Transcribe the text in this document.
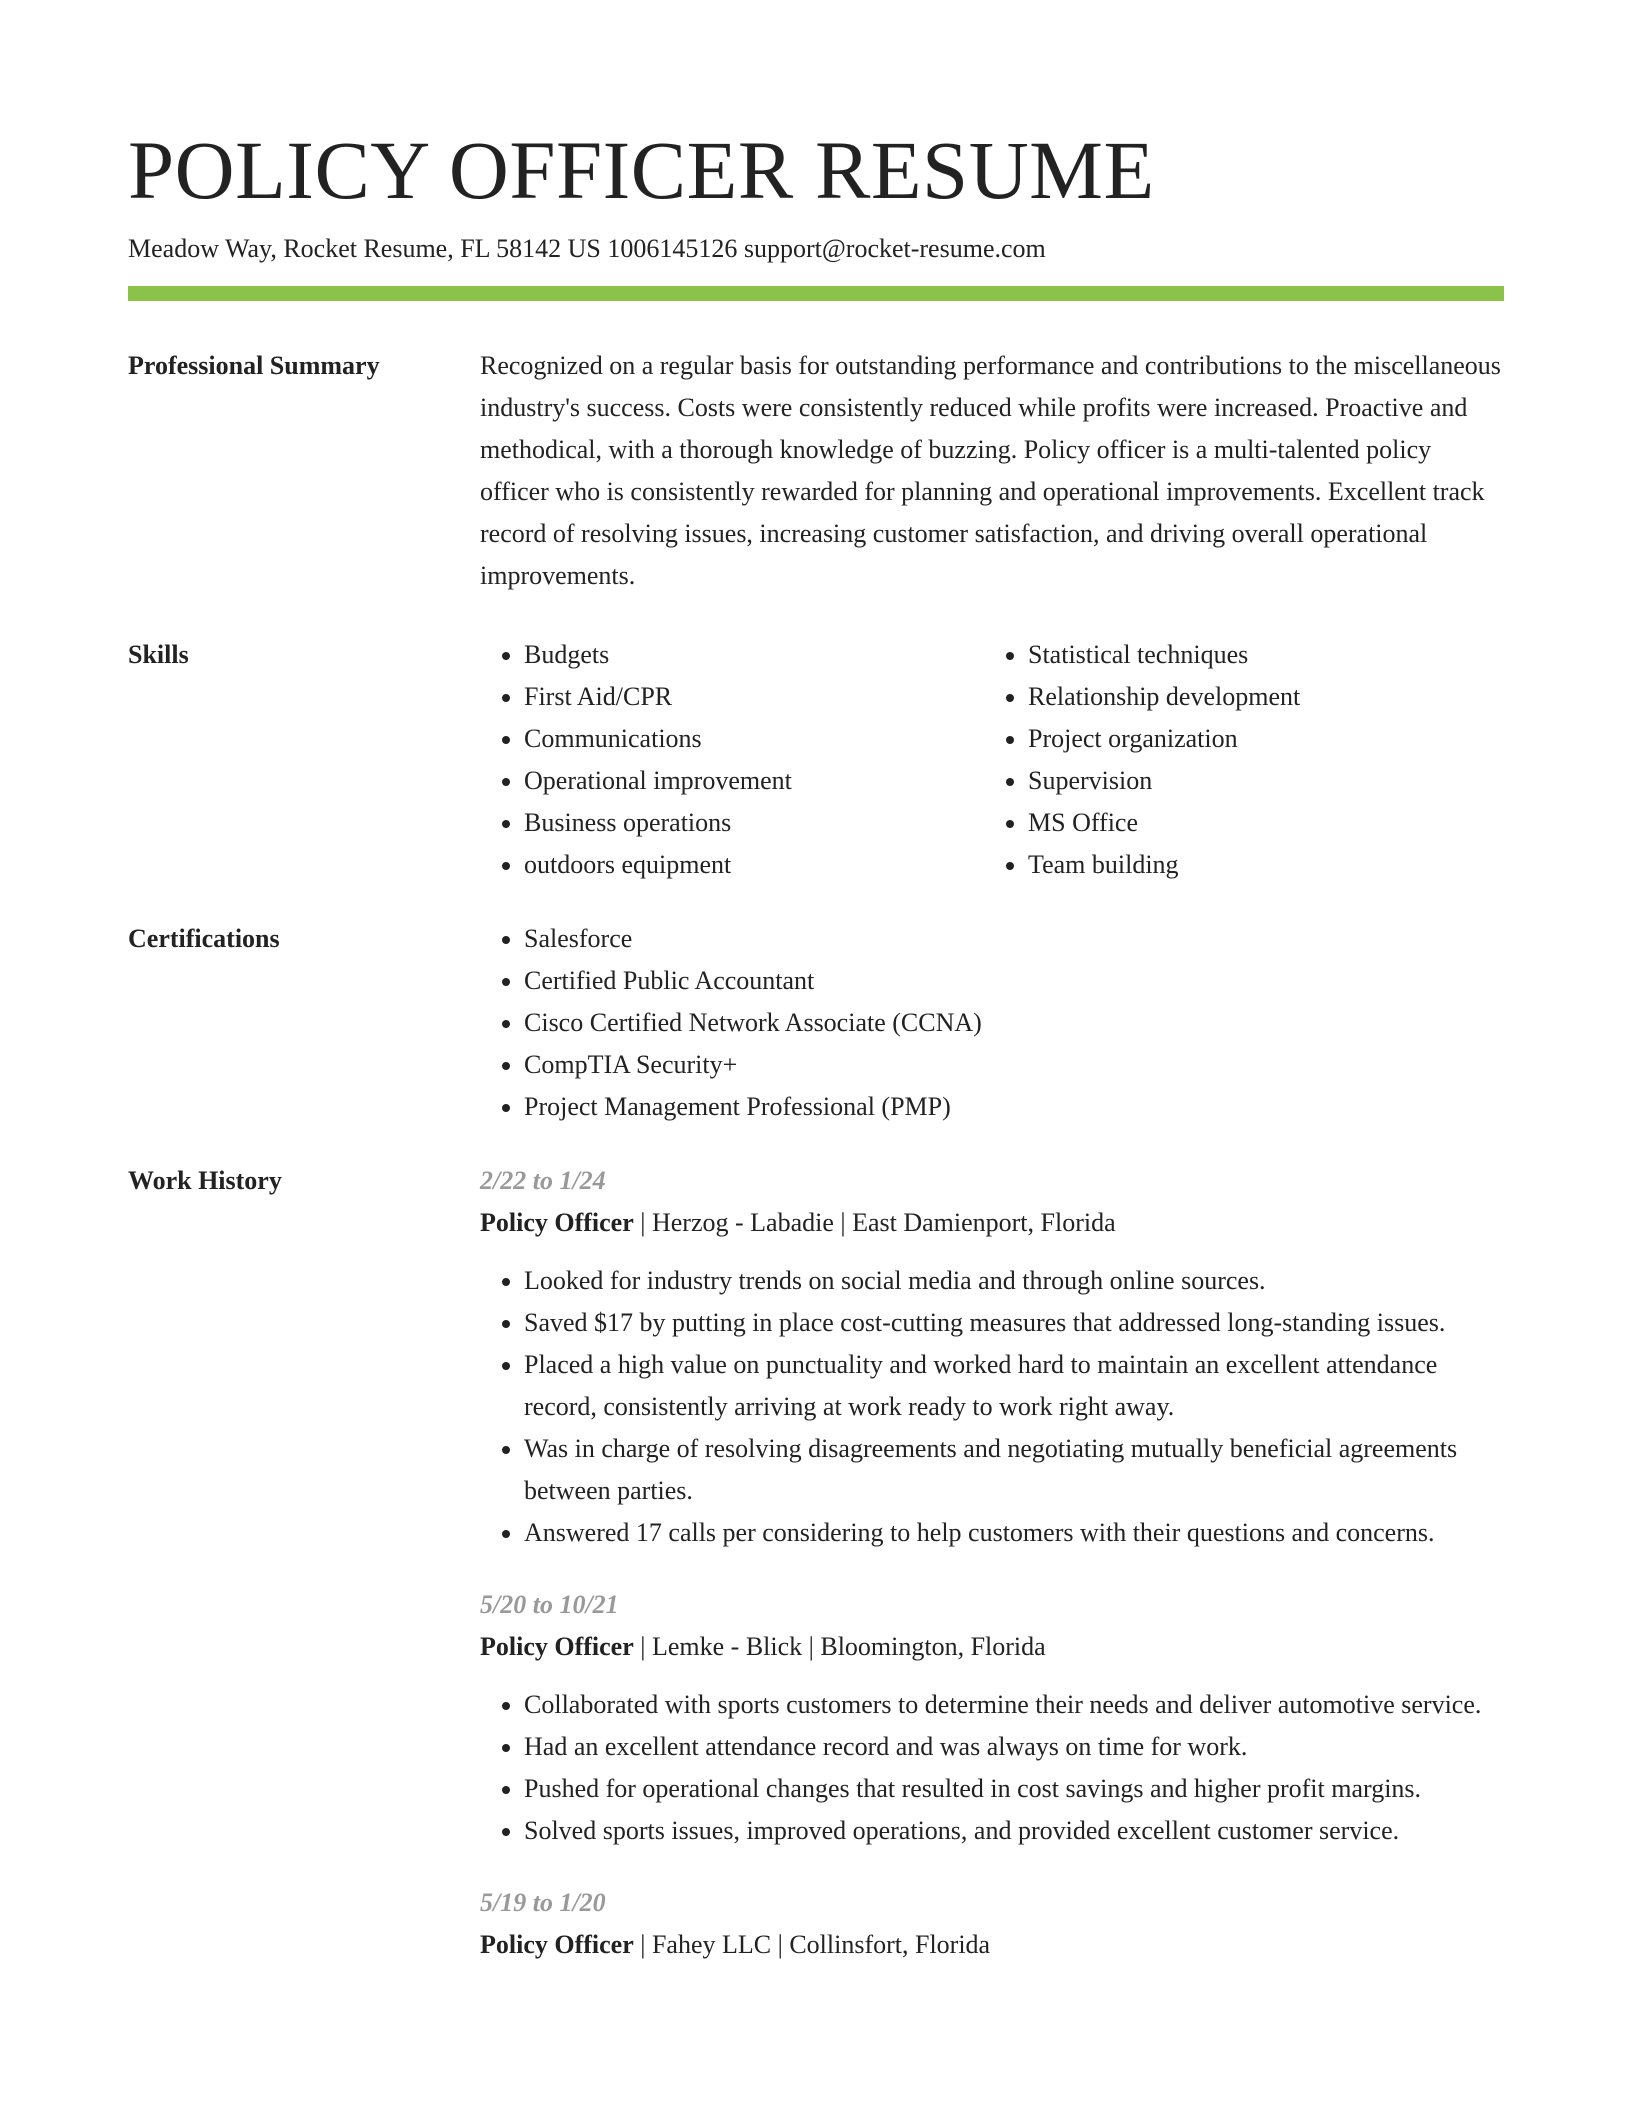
POLICY OFFICER RESUME
Meadow Way, Rocket Resume, FL 58142 US 1006145126 support@rocket-resume.com
Professional Summary	Recognized on a regular basis for outstanding performance and contributions to the miscellaneous industry's success. Costs were consistently reduced while profits were increased. Proactive and methodical, with a thorough knowledge of buzzing. Policy officer is a multi-talented policy officer who is consistently rewarded for planning and operational improvements. Excellent track record of resolving issues, increasing customer satisfaction, and driving overall operational improvements.

Skills	• Budgets
• First Aid/CPR
• Communications
• Operational improvement
• Business operations
• outdoors equipment
• Statistical techniques
• Relationship development
• Project organization
• Supervision
• MS Office
• Team building
Certifications	• Salesforce
• Certified Public Accountant
• Cisco Certified Network Associate (CCNA)
• CompTIA Security+
• Project Management Professional (PMP)
Work History	2/22 to 1/24
Policy Officer | Herzog - Labadie | East Damienport, Florida
• Looked for industry trends on social media and through online sources.
• Saved $17 by putting in place cost-cutting measures that addressed long-standing issues.
• Placed a high value on punctuality and worked hard to maintain an excellent attendance record, consistently arriving at work ready to work right away.
• Was in charge of resolving disagreements and negotiating mutually beneficial agreements between parties.
• Answered 17 calls per considering to help customers with their questions and concerns.
5/20 to 10/21
Policy Officer | Lemke - Blick | Bloomington, Florida
• Collaborated with sports customers to determine their needs and deliver automotive service.
• Had an excellent attendance record and was always on time for work.
• Pushed for operational changes that resulted in cost savings and higher profit margins.
• Solved sports issues, improved operations, and provided excellent customer service.
5/19 to 1/20
Policy Officer | Fahey LLC | Collinsfort, Florida
